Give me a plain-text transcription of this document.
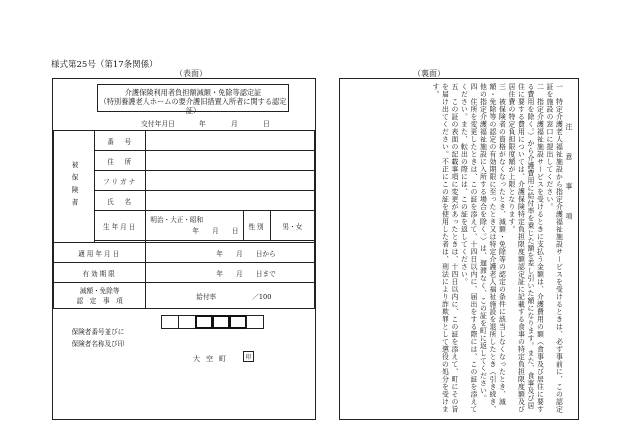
様式第25号（第17条関係）
（表面）	（裏面）
介護保険利用者負担額減額・免除等認定証
（特別養護老人ホームの要介護旧措置入所者に関する認定証）
交付年月日	年	月	日
被保険者	番　号			
	住　所			
	フリガナ			
	氏　名			
	生年月日	明治・大正・昭和
年　　月　　日	性別	男・女

適用年月日		年　　月　　日から		
有効期限		年　　月　　日まで		

減額・免除等
認　定　事　項		給付率 ／100		
保険者番号並びに
保険者名称及び印
大空町	印

注　意　事　項

一　特定介護老人福祉施設から指定介護福祉施設サービスを受けるときは、必ず事前に、この認定証を施設の窓口に提出してください。

二　指定介護福祉施設サービスを受けるときに支払う金額は、介護費用の額（食事及び居住に要する費用を除く。）から介護費用に給付率を乗じた額を差し引いた額になります。また、食事及び居住に要する費用については、介護保険特定負担限度額認定証に記載する食事の特定負担限度額及び居住費の特定負担限度額が上限となります。

三　被保険者の資格がなくなったとき、減額・免除等の認定の条件に該当しなくなったとき、減額・免除等の認定の有効期限に至ったとき又は特定介護老人福祉施設を退所したとき（引き続き、他の指定介護福祉施設に入所する場合を除く。）は、遅滞なく、この証を町に返してください。

四　住所を変更したときは、この証を添えて、十四日以内に、届出をする際には、この証を添えてください。また、転出の際には、この証を返してください。

五　この証の表面の記載事項に変更があったときは、十四日以内に、この証を添えて、町にその旨を届け出てください。不正にこの証を使用した者は、刑法により詐欺罪として懲役の処分を受けます。
